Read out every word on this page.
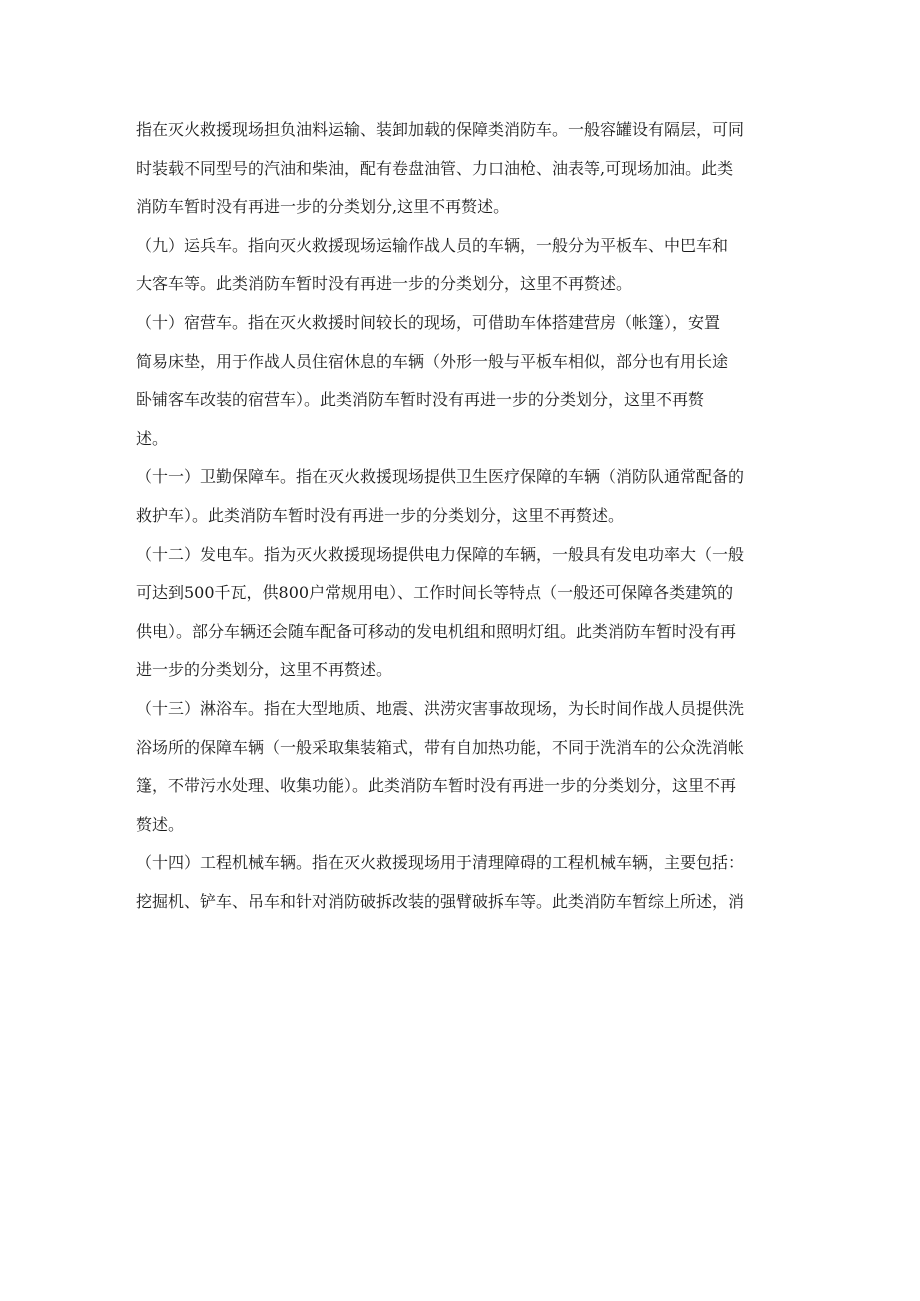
指在灭火救援现场担负油料运输、装卸加载的保障类消防车。一般容罐设有隔层，可同
时装载不同型号的汽油和柴油，配有卷盘油管、力口油枪、油表等,可现场加油。此类
消防车暂时没有再进一步的分类划分,这里不再赘述。
（九）运兵车。指向灭火救援现场运输作战人员的车辆，一般分为平板车、中巴车和
大客车等。此类消防车暂时没有再进一步的分类划分，这里不再赘述。
（十）宿营车。指在灭火救援时间较长的现场，可借助车体搭建营房（帐篷），安置
简易床垫，用于作战人员住宿休息的车辆（外形一般与平板车相似，部分也有用长途
卧铺客车改装的宿营车）。此类消防车暂时没有再进一步的分类划分，这里不再赘
述。
（十一）卫勤保障车。指在灭火救援现场提供卫生医疗保障的车辆（消防队通常配备的
救护车）。此类消防车暂时没有再进一步的分类划分，这里不再赘述。
（十二）发电车。指为灭火救援现场提供电力保障的车辆，一般具有发电功率大（一般
可达到500千瓦，供800户常规用电）、工作时间长等特点（一般还可保障各类建筑的
供电）。部分车辆还会随车配备可移动的发电机组和照明灯组。此类消防车暂时没有再
进一步的分类划分，这里不再赘述。
（十三）淋浴车。指在大型地质、地震、洪涝灾害事故现场，为长时间作战人员提供洗
浴场所的保障车辆（一般采取集装箱式，带有自加热功能，不同于洗消车的公众洗消帐
篷，不带污水处理、收集功能）。此类消防车暂时没有再进一步的分类划分，这里不再
赘述。
（十四）工程机械车辆。指在灭火救援现场用于清理障碍的工程机械车辆，主要包括：
挖掘机、铲车、吊车和针对消防破拆改装的强臂破拆车等。此类消防车暂综上所述，消
